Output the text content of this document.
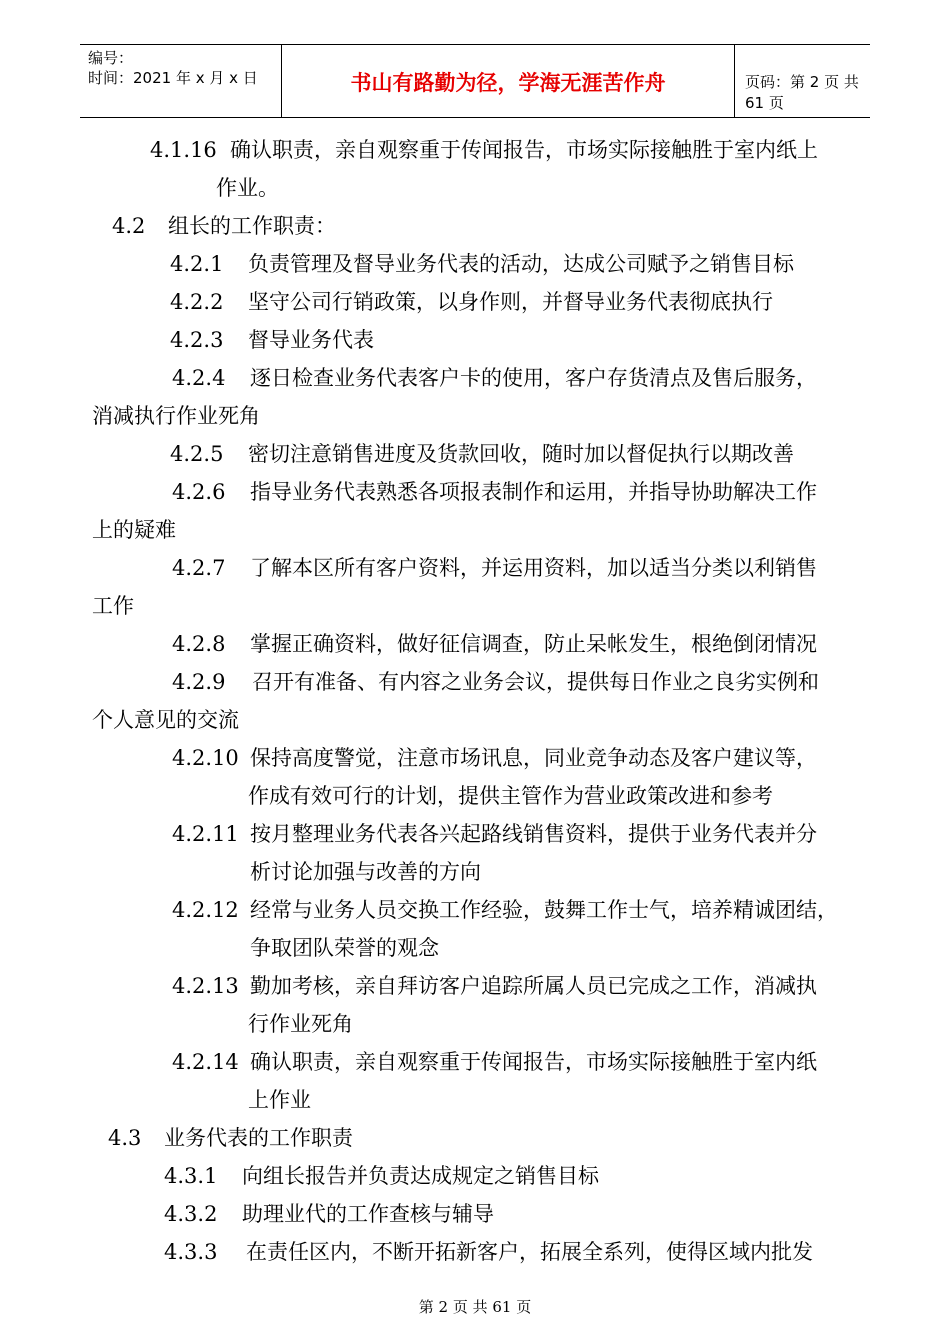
编号：
时间：2021 年 x 月 x 日	书山有路勤为径，学海无涯苦作舟	页码：第 2 页 共 61 页
4.1.16 确认职责，亲自观察重于传闻报告，市场实际接触胜于室内纸上
作业。
4.2 组长的工作职责：
4.2.1 负责管理及督导业务代表的活动，达成公司赋予之销售目标
4.2.2 坚守公司行销政策，以身作则，并督导业务代表彻底执行
4.2.3 督导业务代表
4.2.4 逐日检查业务代表客户卡的使用，客户存货清点及售后服务，
消减执行作业死角
4.2.5 密切注意销售进度及货款回收，随时加以督促执行以期改善
4.2.6 指导业务代表熟悉各项报表制作和运用，并指导协助解决工作
上的疑难
4.2.7 了解本区所有客户资料，并运用资料，加以适当分类以利销售
工作
4.2.8 掌握正确资料，做好征信调查，防止呆帐发生，根绝倒闭情况
4.2.9 召开有准备、有内容之业务会议，提供每日作业之良劣实例和
个人意见的交流
4.2.10 保持高度警觉，注意市场讯息，同业竞争动态及客户建议等，
作成有效可行的计划，提供主管作为营业政策改进和参考
4.2.11 按月整理业务代表各兴起路线销售资料，提供于业务代表并分
析讨论加强与改善的方向
4.2.12 经常与业务人员交换工作经验，鼓舞工作士气，培养精诚团结，
争取团队荣誉的观念
4.2.13 勤加考核，亲自拜访客户追踪所属人员已完成之工作，消减执
行作业死角
4.2.14 确认职责，亲自观察重于传闻报告，市场实际接触胜于室内纸
上作业
4.3 业务代表的工作职责
4.3.1 向组长报告并负责达成规定之销售目标
4.3.2 助理业代的工作查核与辅导
4.3.3 在责任区内，不断开拓新客户，拓展全系列，使得区域内批发
第 2 页 共 61 页
